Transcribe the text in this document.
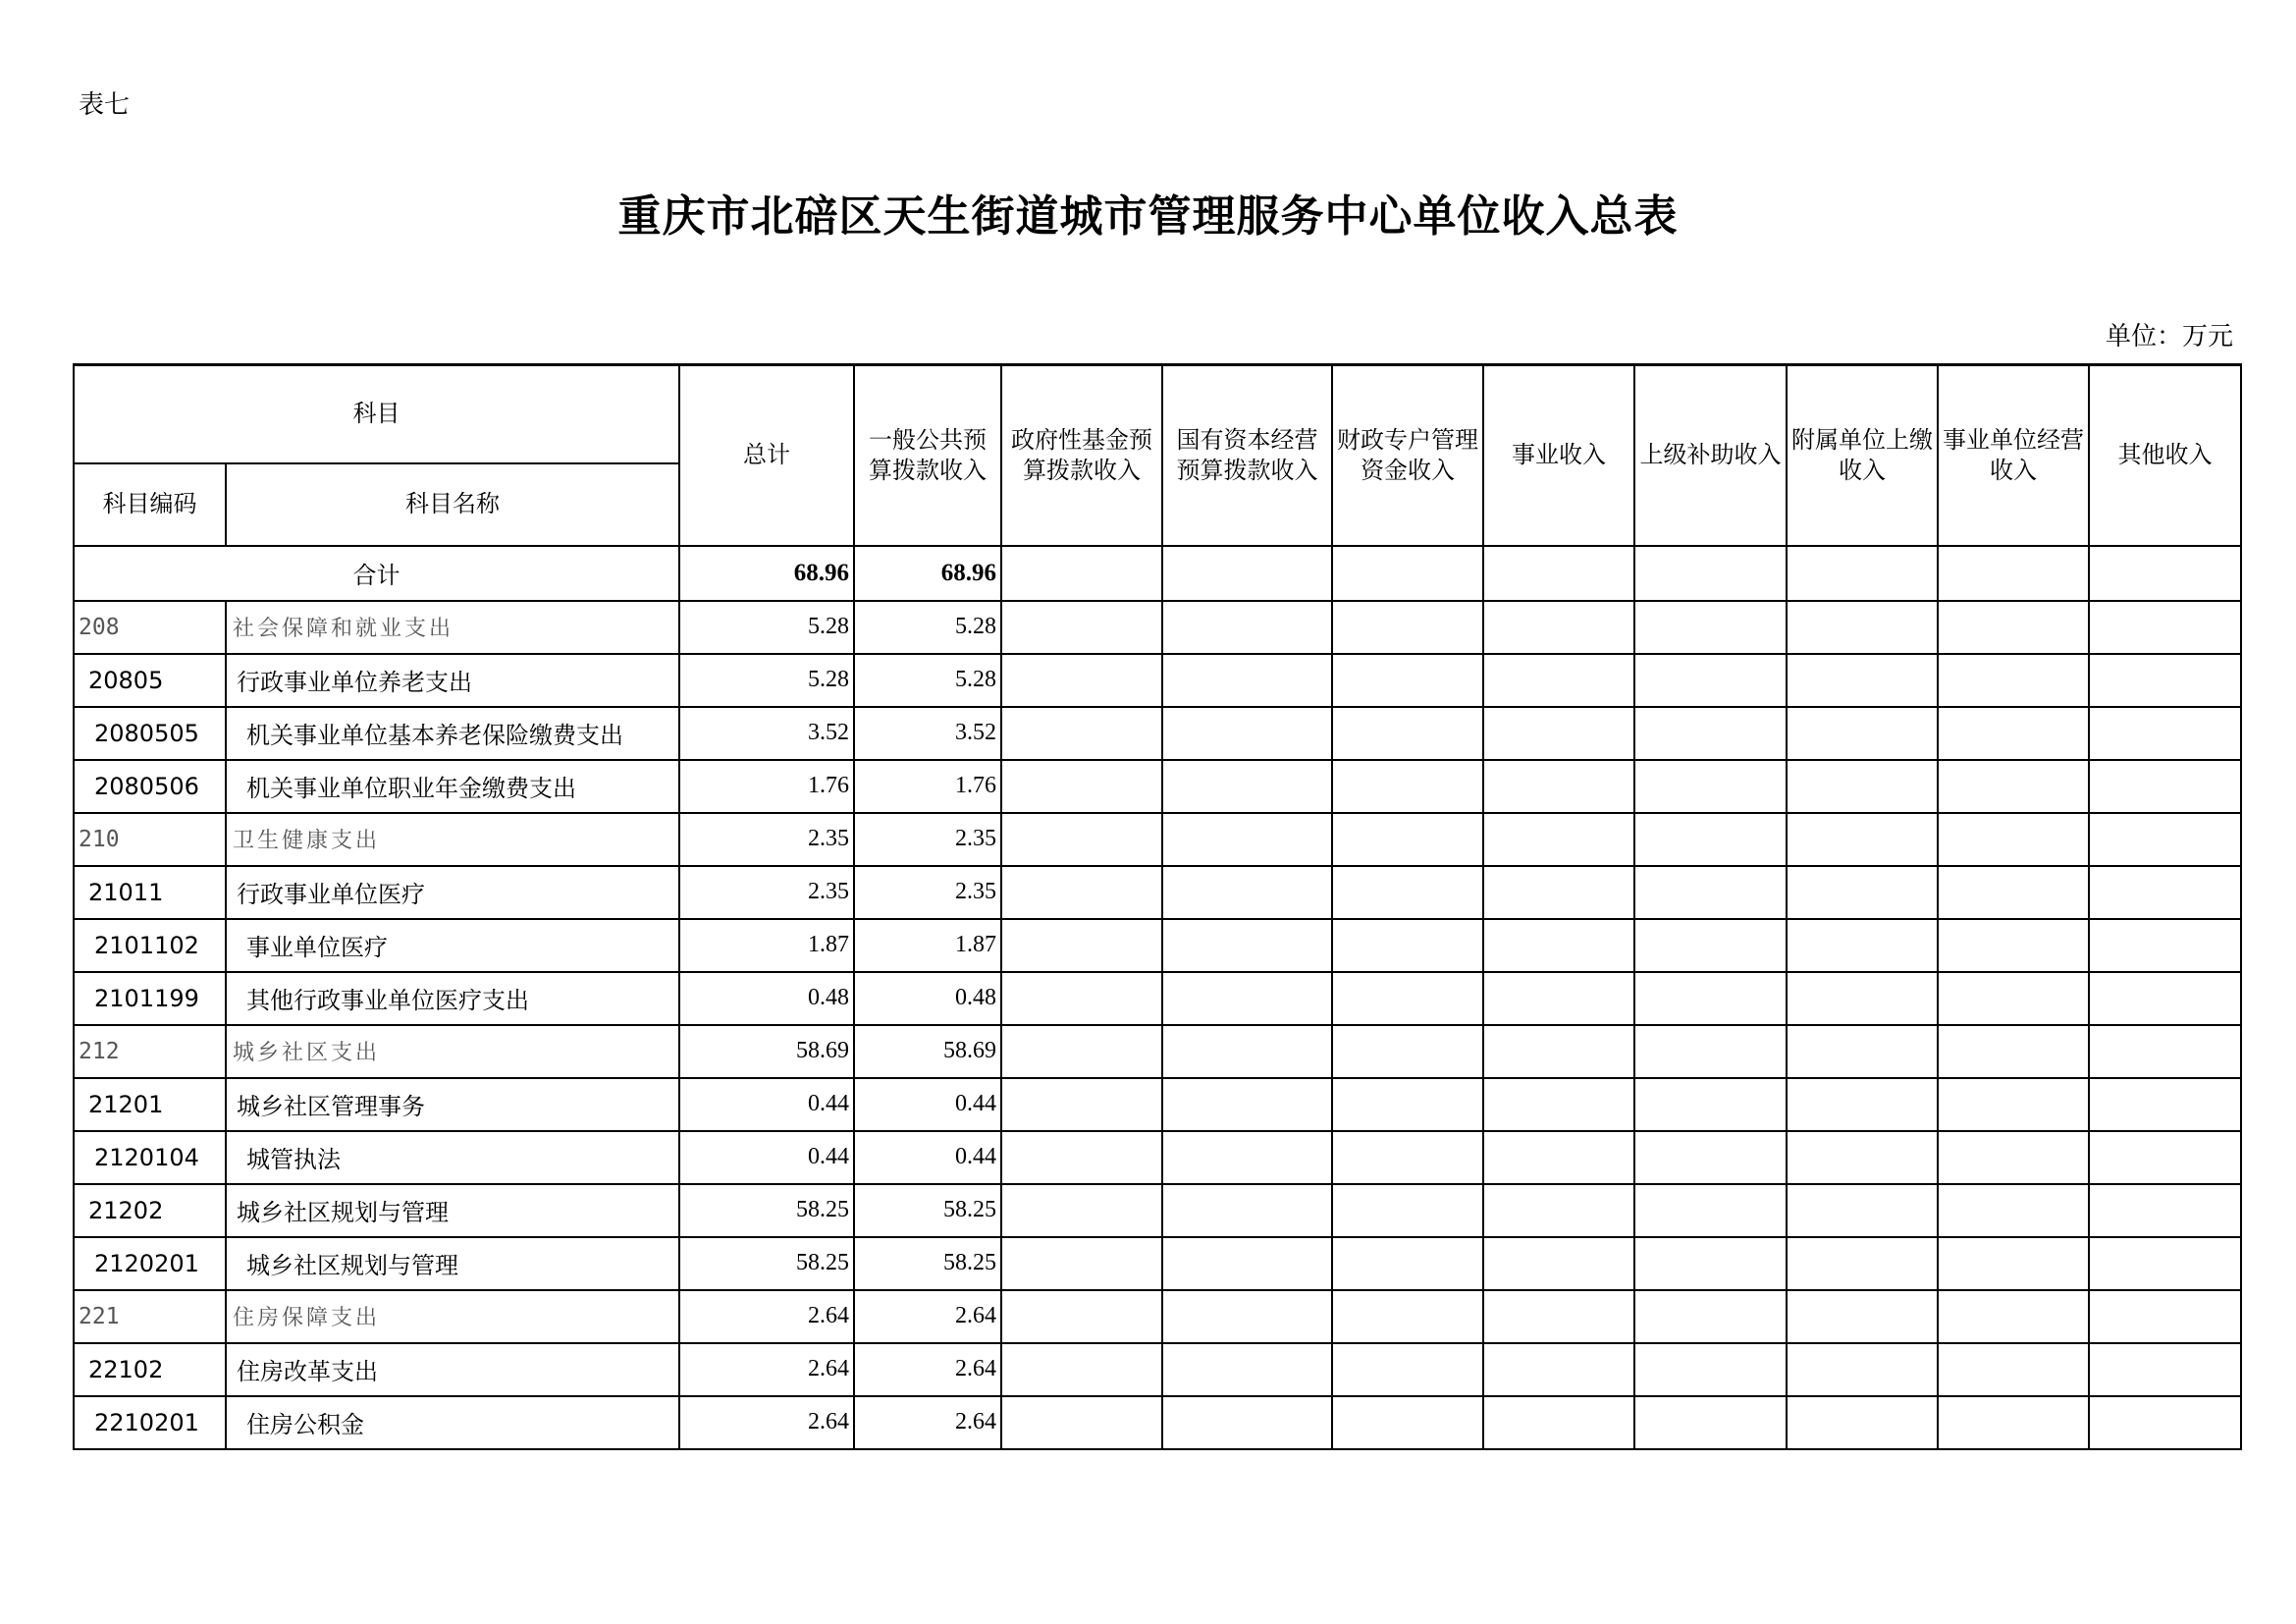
表七
重庆市北碚区天生街道城市管理服务中心单位收入总表
单位：万元
科目		总计	一般公共预算拨款收入	政府性基金预算拨款收入	国有资本经营预算拨款收入	财政专户管理资金收入	事业收入	上级补助收入	附属单位上缴收入	事业单位经营收入	其他收入
科目编码	科目名称										
合计		68.96	68.96								
208	社会保障和就业支出	5.28	5.28								
20805	行政事业单位养老支出	5.28	5.28								
2080505	机关事业单位基本养老保险缴费支出	3.52	3.52								
2080506	机关事业单位职业年金缴费支出	1.76	1.76								
210	卫生健康支出	2.35	2.35								
21011	行政事业单位医疗	2.35	2.35								
2101102	事业单位医疗	1.87	1.87								
2101199	其他行政事业单位医疗支出	0.48	0.48								
212	城乡社区支出	58.69	58.69								
21201	城乡社区管理事务	0.44	0.44								
2120104	城管执法	0.44	0.44								
21202	城乡社区规划与管理	58.25	58.25								
2120201	城乡社区规划与管理	58.25	58.25								
221	住房保障支出	2.64	2.64								
22102	住房改革支出	2.64	2.64								
2210201	住房公积金	2.64	2.64								
